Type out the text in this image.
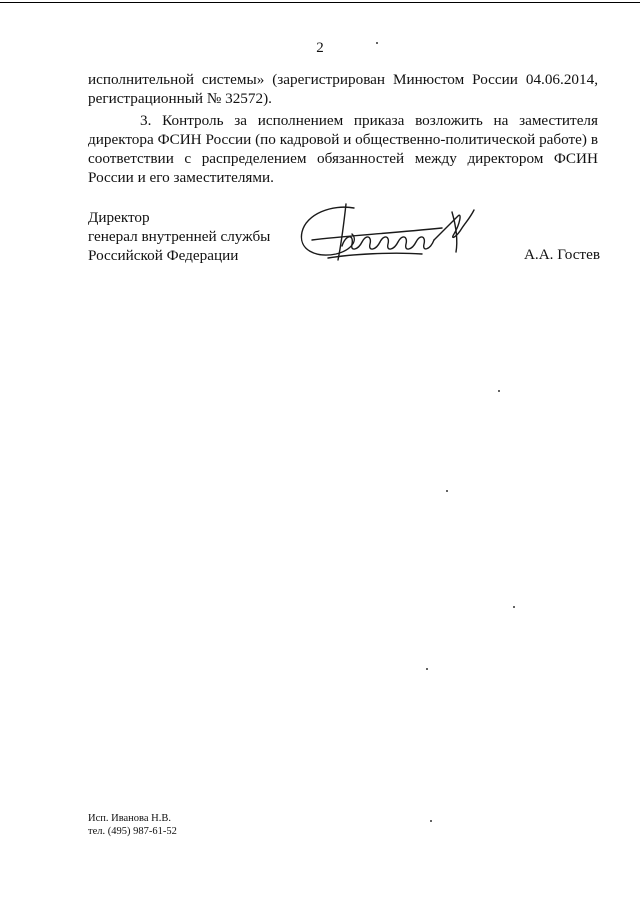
2

исполнительной системы» (зарегистрирован Минюстом России 04.06.2014, регистрационный № 32572).

3. Контроль за исполнением приказа возложить на заместителя директора ФСИН России (по кадровой и общественно-политической работе) в соответствии с распределением обязанностей между директором ФСИН России и его заместителями.

Директор
генерал внутренней службы
Российской Федерации	А.А. Гостев
Исп. Иванова Н.В.
тел. (495) 987-61-52
